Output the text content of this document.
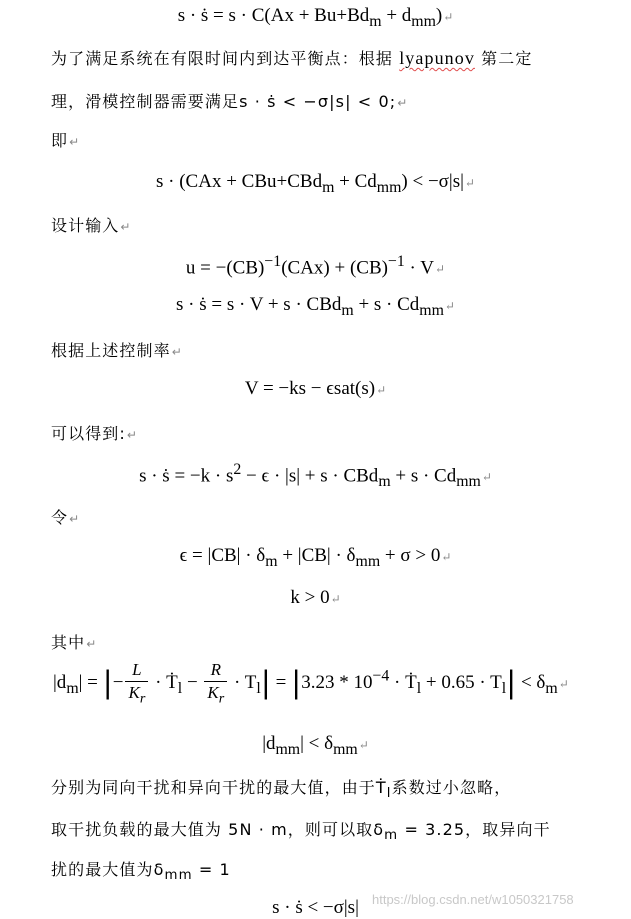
s · ṡ = $s \cdot C(Ax + Bu+Bd_m$ + $d_{mm})↵$
为了满足系统在有限时间内到达平衡点：根据 lyapunov 第二定
理，滑模控制器需要满足s · ṡ < −σ|s| < 0;↵
即↵
$s \cdot (CAx + CBu+CBd_m + Cd_{mm})$ < −σ|s|↵
设计输入↵
u = −(CB)$^{-1}$(CAx) + (CB)$^{-1}$ · V↵
s · ṡ = $s \cdot V + s \cdot CBd_m + s \cdot Cd_{mm}↵$
根据上述控制率↵
V = −ks − ϵsat(s)↵
可以得到:↵
s · ṡ = $-k \cdot s^2 - \epsilon \cdot |s| + s \cdot CBd_m + s$ · $Cd_{mm}↵$
令↵
$\epsilon = |CB| \cdot \delta_m + |CB| \cdot \delta_{mm} + \sigma$ > 0↵
k > 0↵
其中↵
$|d_m|$ = |− $\frac{L}{K_r}$ · Ṫ$_l$ − $\frac{R}{K_r} \cdot T_l| = |3.23 * 10^{-4}$ · Ṫ$_l$ + $0.65 \cdot T_l|$ < $\delta_m↵$
$|d_{mm}|$ < $\delta_{mm}↵$
分别为同向干扰和异向干扰的最大值，由于Ṫ$_l$系数过小忽略，
取干扰负载的最大值为 5N · m，则可以取$\delta_m = 3.25$，取异向干
扰的最大值为$\delta_{mm} = 1$
s · ṡ < −σ|s|	https://blog.csdn.net/w1050321758
